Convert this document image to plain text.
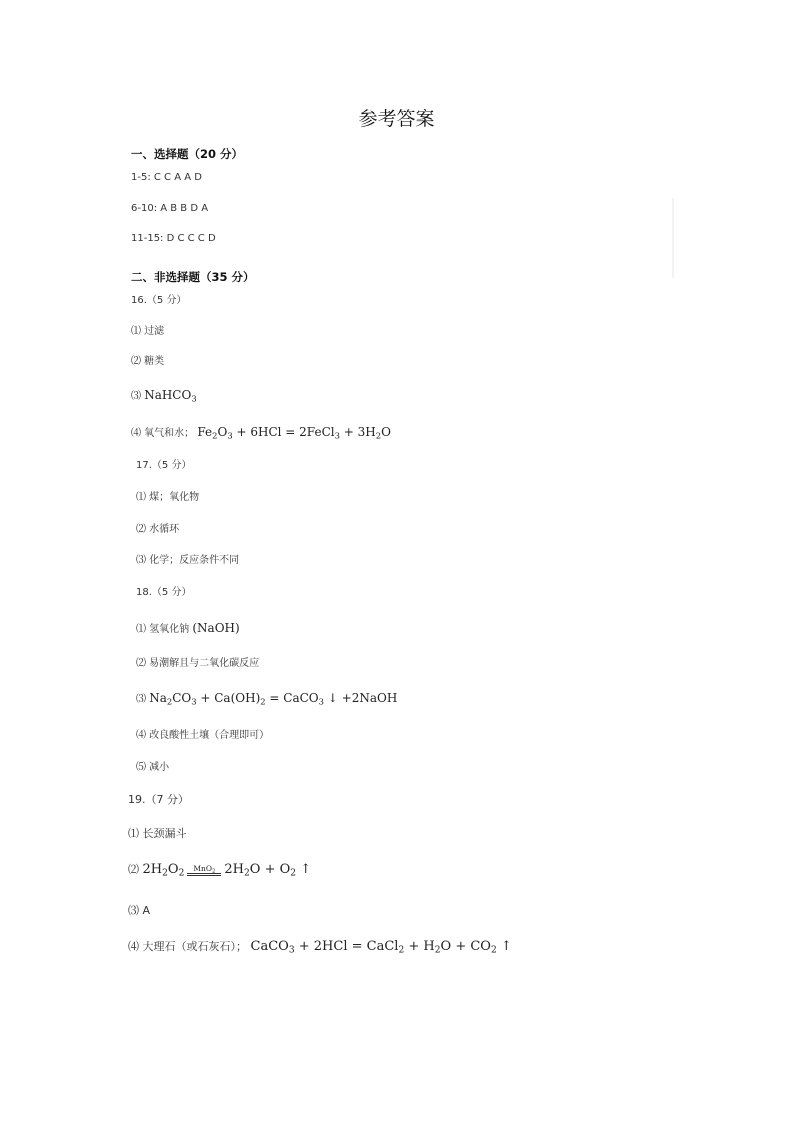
参考答案
一、选择题（20 分）
1-5: C C A A D
6-10: A B B D A
11-15: D C C C D
二、非选择题（35 分）
16.（5 分）
⑴ 过滤
⑵ 糖类
⑶ NaHCO$_3$
⑷ 氧气和水； $Fe_2O_3 + 6HCl$ = 2FeCl$_3$ + $3H_2O$
17.（5 分）
⑴ 煤；氧化物
⑵ 水循环
⑶ 化学；反应条件不同
18.（5 分）
⑴ 氢氧化钠 (NaOH)
⑵ 易潮解且与二氧化碳反应
⑶ $Na_2CO_3 + Ca(OH)_2$ = CaCO$_3$ ↓ +2NaOH
⑷ 改良酸性土壤（合理即可）
⑸ 减小
19.（7 分）
⑴ 长颈漏斗
⑵ $2H_2O_2$
MnO$_2$ $2H_2O + O_2$ ↑
⑶ A
⑷ 大理石（或石灰石）； CaCO$_3$ + 2HCl = CaCl$_2$ + $H_2O + CO_2$ ↑
